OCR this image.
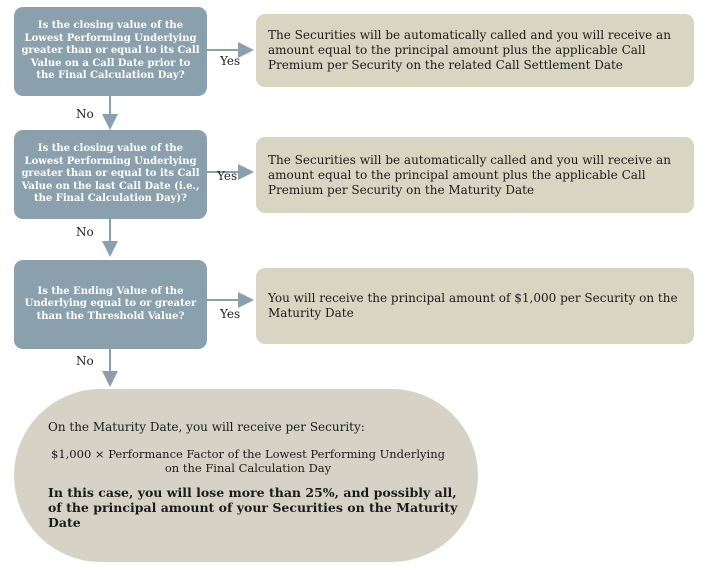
Is the closing value of the Lowest Performing Underlying greater than or equal to its Call Value on a Call Date prior to the Final Calculation Day?
Is the closing value of the Lowest Performing Underlying greater than or equal to its Call Value on the last Call Date (i.e., the Final Calculation Day)?
Is the Ending Value of the Underlying equal to or greater than the Threshold Value?
The Securities will be automatically called and you will receive an amount equal to the principal amount plus the applicable Call Premium per Security on the related Call Settlement Date
The Securities will be automatically called and you will receive an amount equal to the principal amount plus the applicable Call Premium per Security on the Maturity Date
You will receive the principal amount of $1,000 per Security on the Maturity Date
Yes
Yes
Yes
No
No
No
On the Maturity Date, you will receive per Security:
$1,000 × Performance Factor of the Lowest Performing Underlying on the Final Calculation Day
In this case, you will lose more than 25%, and possibly all, of the principal amount of your Securities on the Maturity Date
